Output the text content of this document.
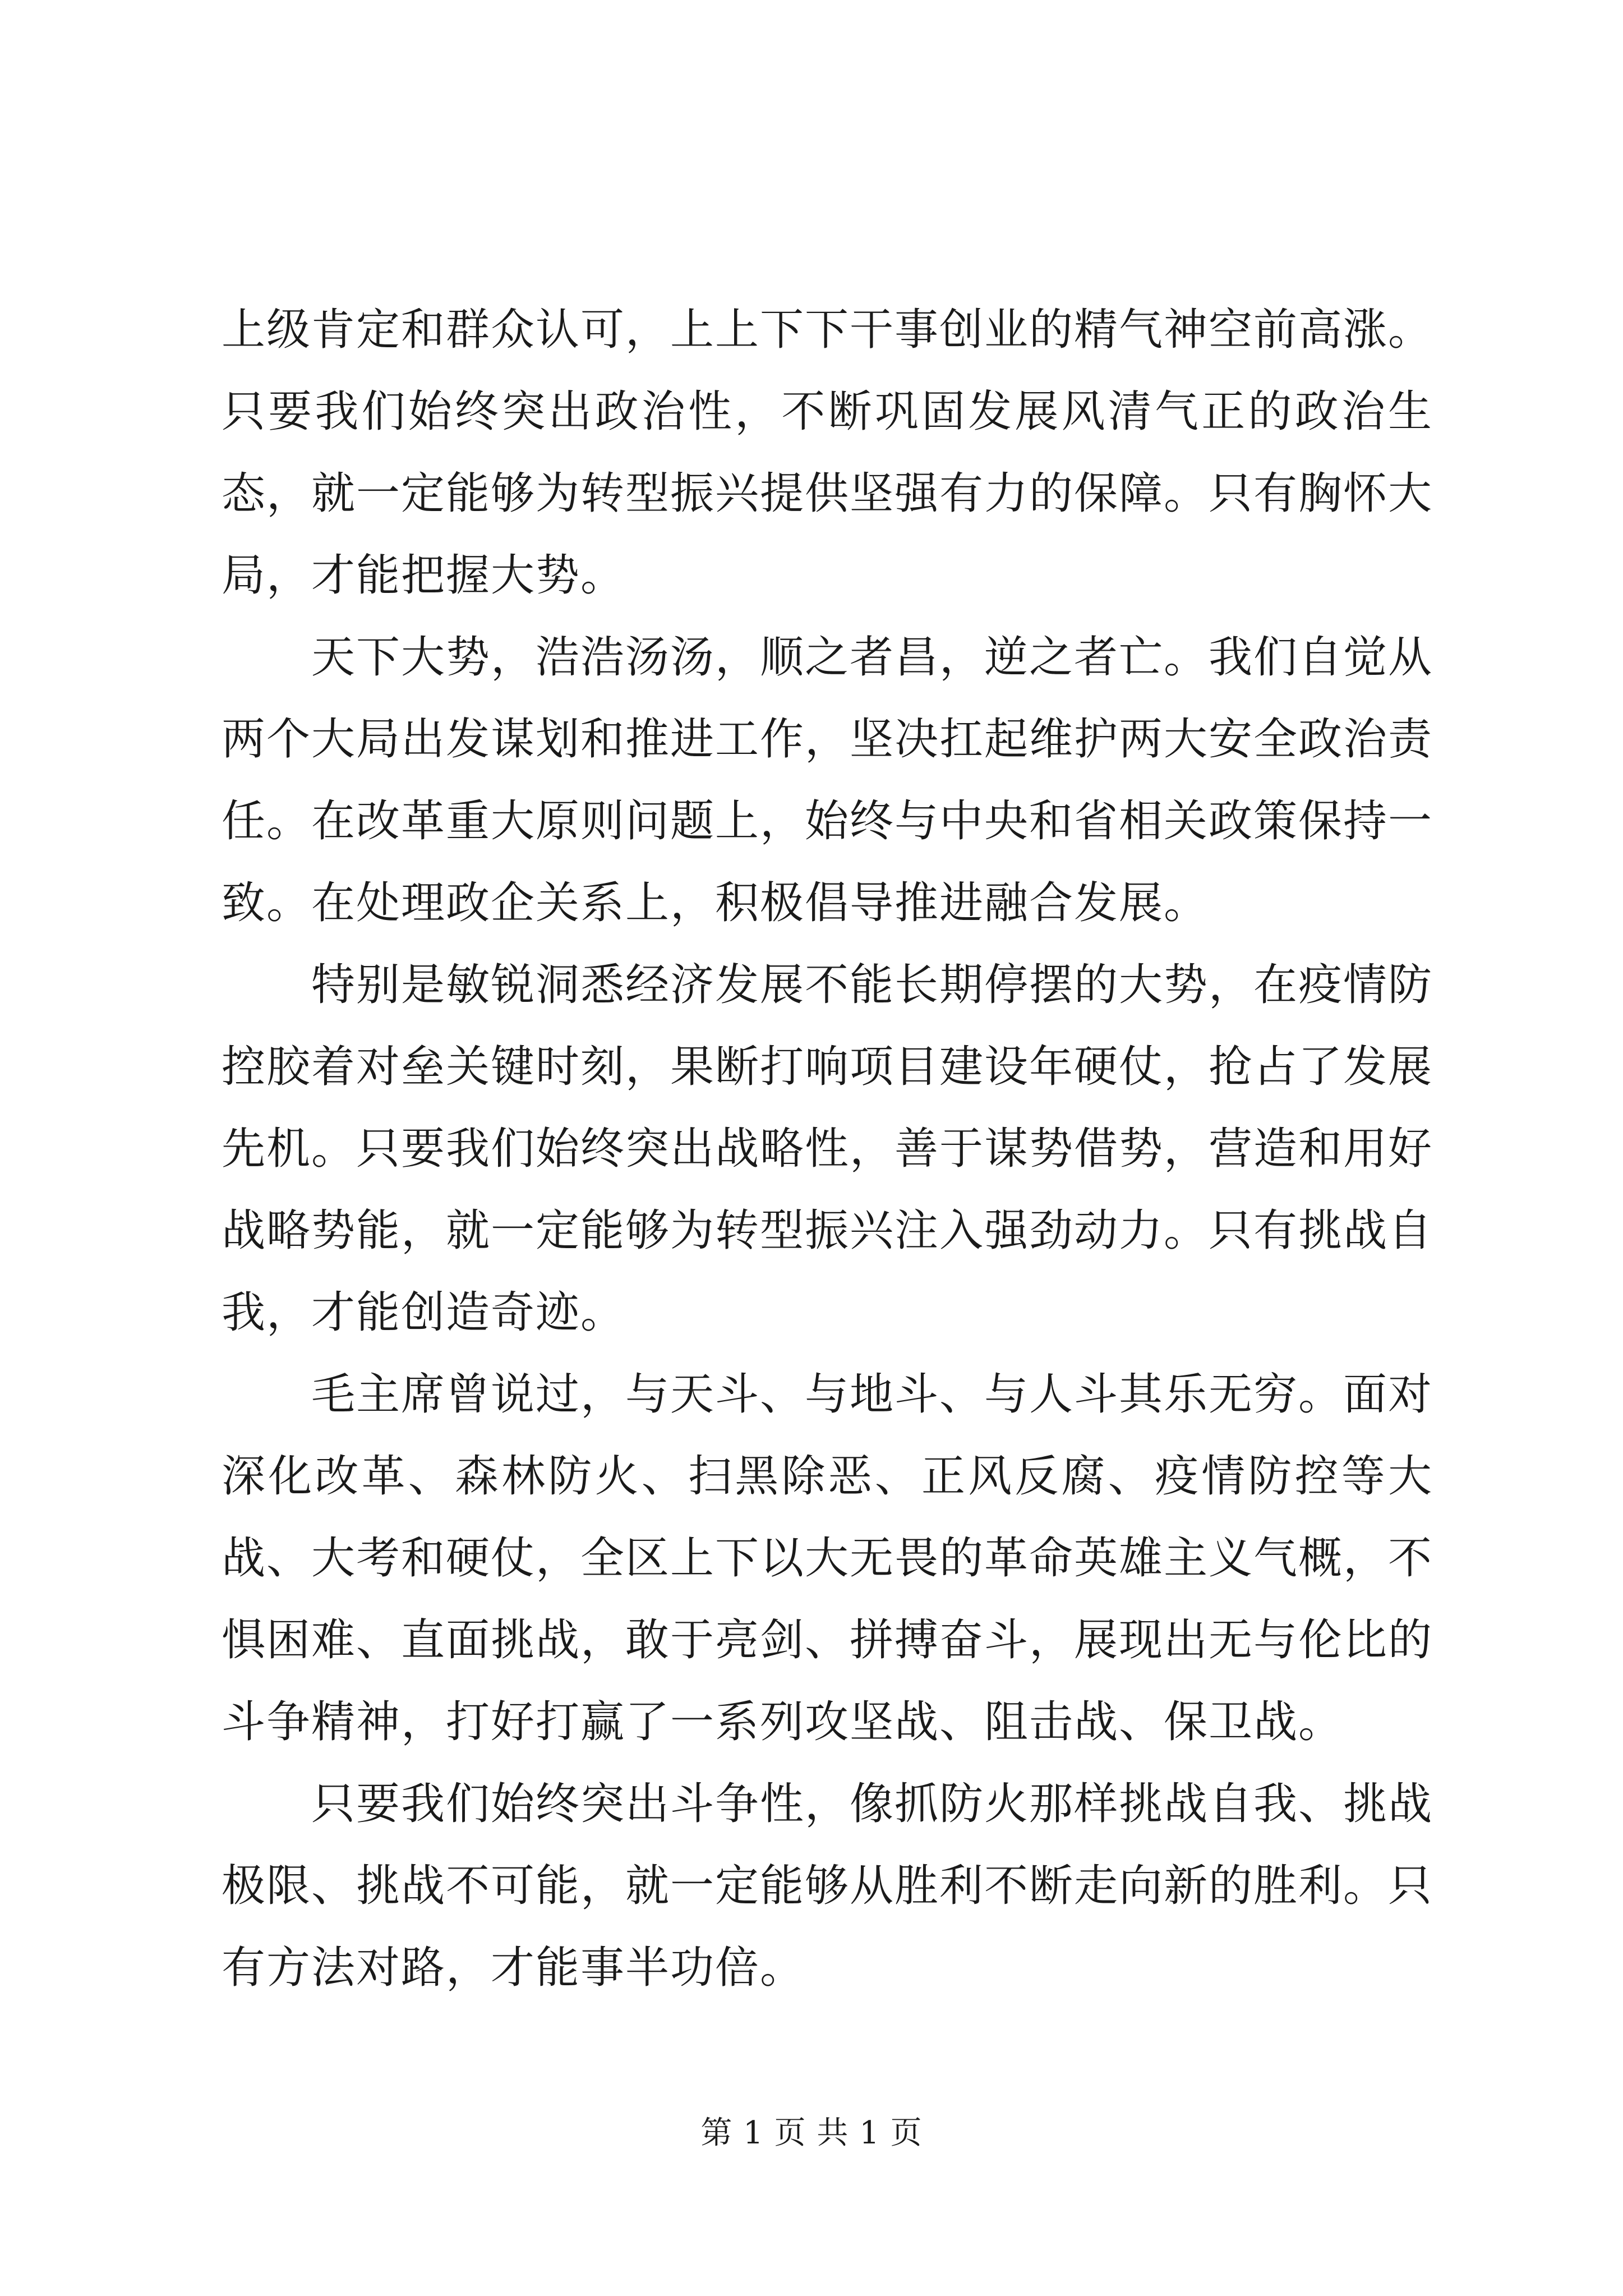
上级肯定和群众认可，上上下下干事创业的精气神空前高涨。只要我们始终突出政治性，不断巩固发展风清气正的政治生态，就一定能够为转型振兴提供坚强有力的保障。只有胸怀大局，才能把握大势。

天下大势，浩浩汤汤，顺之者昌，逆之者亡。我们自觉从两个大局出发谋划和推进工作，坚决扛起维护两大安全政治责任。在改革重大原则问题上，始终与中央和省相关政策保持一致。在处理政企关系上，积极倡导推进融合发展。

特别是敏锐洞悉经济发展不能长期停摆的大势，在疫情防控胶着对垒关键时刻，果断打响项目建设年硬仗，抢占了发展先机。只要我们始终突出战略性，善于谋势借势，营造和用好战略势能，就一定能够为转型振兴注入强劲动力。只有挑战自我，才能创造奇迹。

毛主席曾说过，与天斗、与地斗、与人斗其乐无穷。面对深化改革、森林防火、扫黑除恶、正风反腐、疫情防控等大战、大考和硬仗，全区上下以大无畏的革命英雄主义气概，不惧困难、直面挑战，敢于亮剑、拼搏奋斗，展现出无与伦比的斗争精神，打好打赢了一系列攻坚战、阻击战、保卫战。

只要我们始终突出斗争性，像抓防火那样挑战自我、挑战极限、挑战不可能，就一定能够从胜利不断走向新的胜利。只有方法对路，才能事半功倍。

第 1 页 共 1 页
